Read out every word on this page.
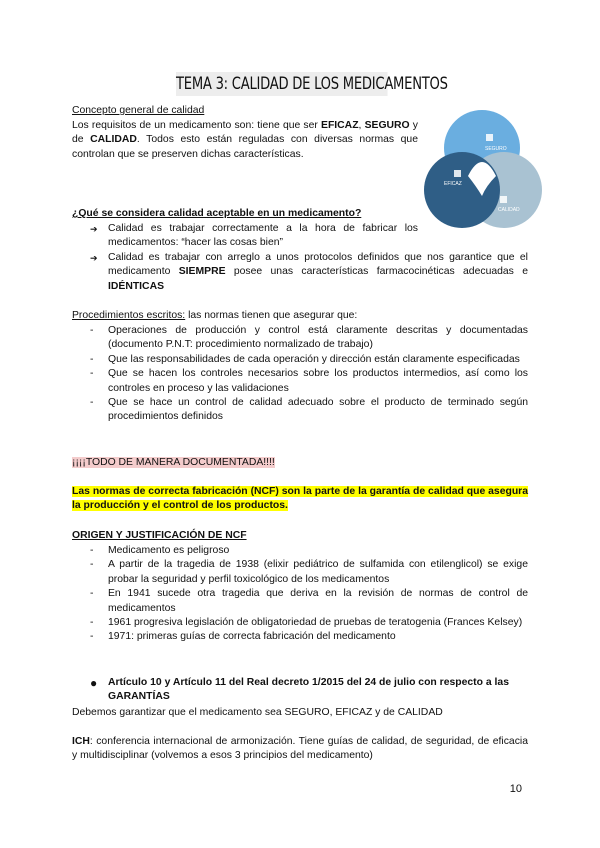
TEMA 3: CALIDAD DE LOS MEDICAMENTOS
Concepto general de calidad
Los requisitos de un medicamento son: tiene que ser EFICAZ, SEGURO y de CALIDAD. Todos esto están reguladas con diversas normas que controlan que se preserven dichas características.	SEGURO
EFICAZ
CALIDAD
¿Qué se considera calidad aceptable en un medicamento?
➔ Calidad es trabajar correctamente a la hora de fabricar los medicamentos: “hacer las cosas bien”
➔ Calidad es trabajar con arreglo a unos protocolos definidos que nos garantice que el medicamento SIEMPRE posee unas características farmacocinéticas adecuadas e IDÉNTICAS
Procedimientos escritos: las normas tienen que asegurar que:
- Operaciones de producción y control está claramente descritas y documentadas (documento P.N.T: procedimiento normalizado de trabajo)
- Que las responsabilidades de cada operación y dirección están claramente especificadas
- Que se hacen los controles necesarios sobre los productos intermedios, así como los controles en proceso y las validaciones
- Que se hace un control de calidad adecuado sobre el producto de terminado según procedimientos definidos
¡¡¡¡TODO DE MANERA DOCUMENTADA!!!!
Las normas de correcta fabricación (NCF) son la parte de la garantía de calidad que asegura la producción y el control de los productos.
ORIGEN Y JUSTIFICACIÓN DE NCF
- Medicamento es peligroso
- A partir de la tragedia de 1938 (elixir pediátrico de sulfamida con etilenglicol) se exige probar la seguridad y perfil toxicológico de los medicamentos
- En 1941 sucede otra tragedia que deriva en la revisión de normas de control de medicamentos
- 1961 progresiva legislación de obligatoriedad de pruebas de teratogenia (Frances Kelsey)
- 1971: primeras guías de correcta fabricación del medicamento
● Artículo 10 y Artículo 11 del Real decreto 1/2015 del 24 de julio con respecto a las GARANTÍAS
Debemos garantizar que el medicamento sea SEGURO, EFICAZ y de CALIDAD
ICH: conferencia internacional de armonización. Tiene guías de calidad, de seguridad, de eficacia y multidisciplinar (volvemos a esos 3 principios del medicamento)
10
